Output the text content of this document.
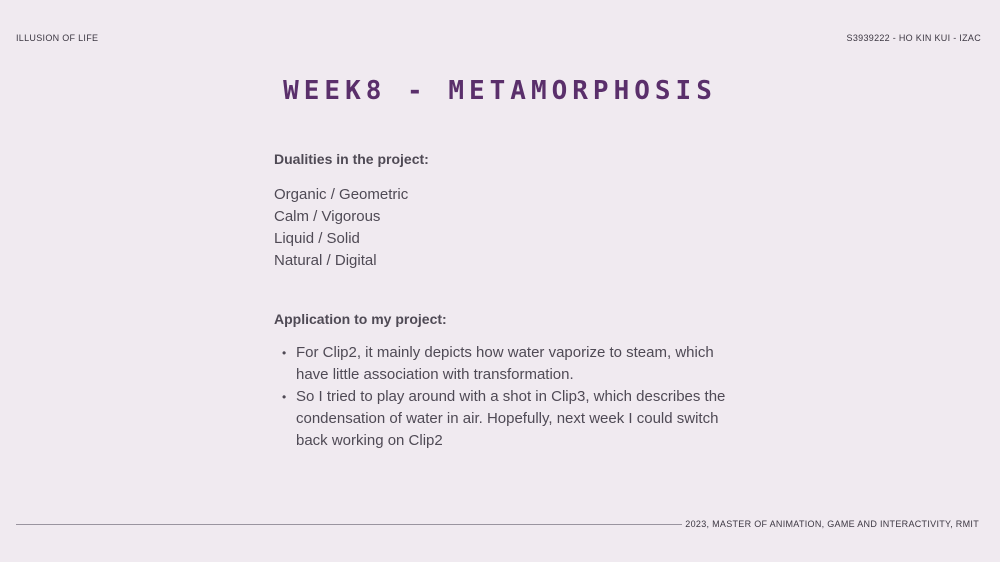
ILLUSION OF LIFE	S3939222 - HO KIN KUI - IZAC
WEEK8 - METAMORPHOSIS
Dualities in the project:
Organic / Geometric
Calm / Vigorous
Liquid / Solid
Natural / Digital
Application to my project:
• For Clip2, it mainly depicts how water vaporize to steam, which have little association with transformation.
• So I tried to play around with a shot in Clip3, which describes the condensation of water in air. Hopefully, next week I could switch back working on Clip2
2023, MASTER OF ANIMATION, GAME AND INTERACTIVITY, RMIT
